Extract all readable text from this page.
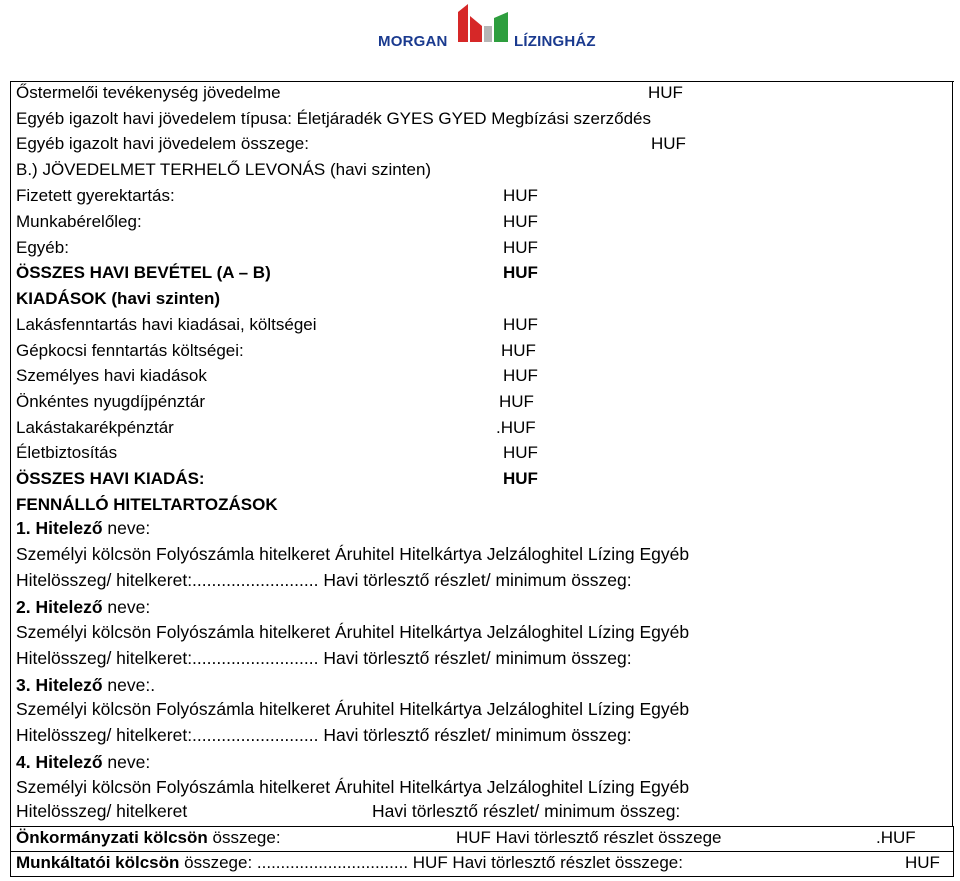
MORGAN	LÍZINGHÁZ
Őstermelői tevékenység jövedelme	HUF
Egyéb igazolt havi jövedelem típusa: Életjáradék GYES GYED Megbízási szerződés
Egyéb igazolt havi jövedelem összege:	HUF
B.) JÖVEDELMET TERHELŐ LEVONÁS (havi szinten)
Fizetett gyerektartás:	HUF
Munkabérelőleg:	HUF
Egyéb:	HUF
ÖSSZES HAVI BEVÉTEL (A – B)	HUF
KIADÁSOK (havi szinten)
Lakásfenntartás havi kiadásai, költségei	HUF
Gépkocsi fenntartás költségei:	HUF
Személyes havi kiadások	HUF
Önkéntes nyugdíjpénztár	HUF
Lakástakarékpénztár	.HUF
Életbiztosítás	HUF
ÖSSZES HAVI KIADÁS:	HUF
FENNÁLLÓ HITELTARTOZÁSOK
1. Hitelező neve:
Személyi kölcsön Folyószámla hitelkeret Áruhitel Hitelkártya Jelzáloghitel Lízing Egyéb
Hitelösszeg/ hitelkeret:.......................... Havi törlesztő részlet/ minimum összeg:
2. Hitelező neve:
Személyi kölcsön Folyószámla hitelkeret Áruhitel Hitelkártya Jelzáloghitel Lízing Egyéb
Hitelösszeg/ hitelkeret:.......................... Havi törlesztő részlet/ minimum összeg:
3. Hitelező neve:.
Személyi kölcsön Folyószámla hitelkeret Áruhitel Hitelkártya Jelzáloghitel Lízing Egyéb
Hitelösszeg/ hitelkeret:.......................... Havi törlesztő részlet/ minimum összeg:
4. Hitelező neve:
Személyi kölcsön Folyószámla hitelkeret Áruhitel Hitelkártya Jelzáloghitel Lízing Egyéb
Hitelösszeg/ hitelkeret	Havi törlesztő részlet/ minimum összeg:
Önkormányzati kölcsön összege:	HUF Havi törlesztő részlet összege	.HUF
Munkáltatói kölcsön összege: ................................ HUF Havi törlesztő részlet összege:	HUF
